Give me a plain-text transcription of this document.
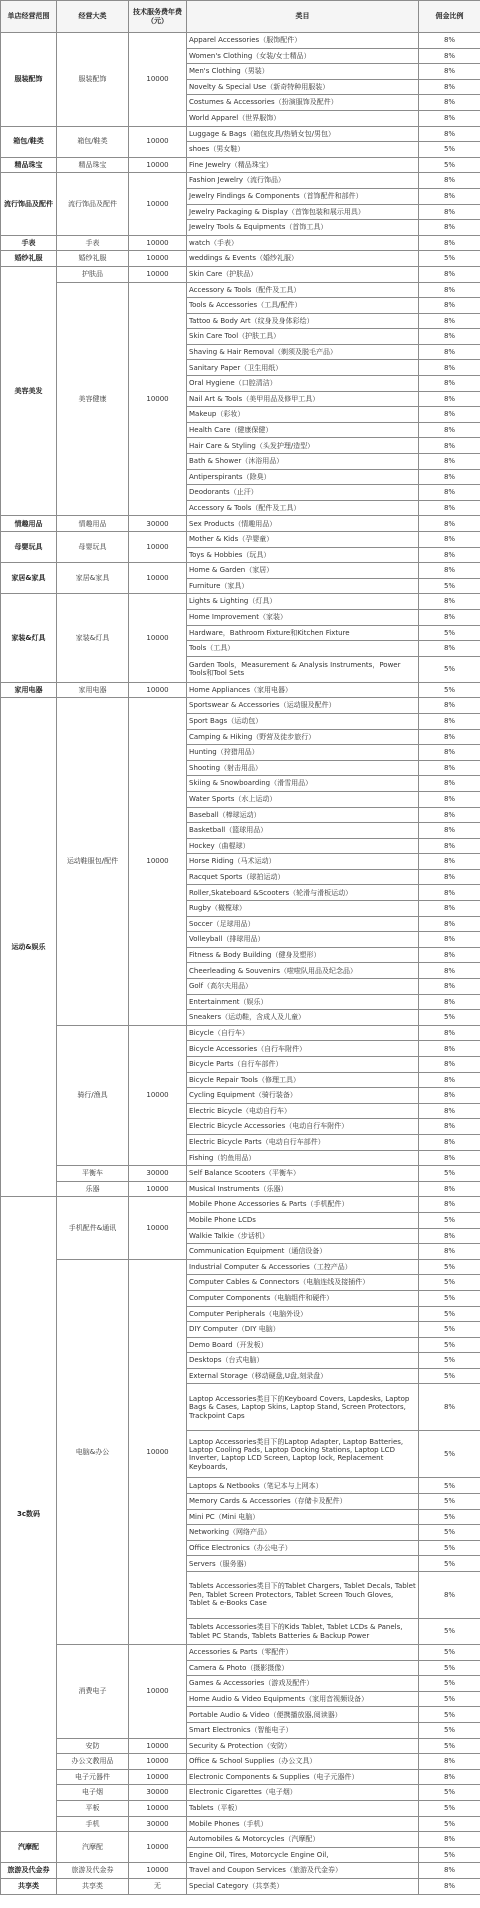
单店经营范围	经营大类	技术服务费年费（元）	类目	佣金比例
服装配饰	服装配饰	10000	Apparel Accessories（服饰配件）	8%
			Women's Clothing（女装/女士精品）	8%
			Men's Clothing（男装）	8%
			Novelty & Special Use（新奇特种用服装）	8%
			Costumes & Accessories（扮演服饰及配件）	8%
			World Apparel（世界服饰）	8%
箱包/鞋类	箱包/鞋类	10000	Luggage & Bags（箱包皮具/热销女包/男包）	8%
			shoes（男女鞋）	5%
精品珠宝	精品珠宝	10000	Fine Jewelry（精品珠宝）	5%
流行饰品及配件	流行饰品及配件	10000	Fashion Jewelry（流行饰品）	8%
			Jewelry Findings & Components（首饰配件和部件）	8%
			Jewelry Packaging & Display（首饰包装和展示用具）	8%
			Jewelry Tools & Equipments（首饰工具）	8%
手表	手表	10000	watch（手表）	8%
婚纱礼服	婚纱礼服	10000	weddings & Events（婚纱礼服）	5%
美容美发	护肤品	10000	Skin Care（护肤品）	8%
	美容健康	10000	Accessory & Tools（配件及工具）	8%
			Tools & Accessories（工具/配件）	8%
			Tattoo & Body Art（纹身及身体彩绘）	8%
			Skin Care Tool（护肤工具）	8%
			Shaving & Hair Removal（剃须及脱毛产品）	8%
			Sanitary Paper（卫生用纸）	8%
			Oral Hygiene（口腔清洁）	8%
			Nail Art & Tools（美甲用品及修甲工具）	8%
			Makeup（彩妆）	8%
			Health Care（健康保健）	8%
			Hair Care & Styling（头发护理/造型）	8%
			Bath & Shower（沐浴用品）	8%
			Antiperspirants（除臭）	8%
			Deodorants（止汗）	8%
			Accessory & Tools（配件及工具）	8%
情趣用品	情趣用品	30000	Sex Products（情趣用品）	8%
母婴玩具	母婴玩具	10000	Mother & Kids（孕婴童）	8%
			Toys & Hobbies（玩具）	8%
家居&家具	家居&家具	10000	Home & Garden（家居）	8%
			Furniture（家具）	5%
家装&灯具	家装&灯具	10000	Lights & Lighting（灯具）	8%
			Home Improvement（家装）	8%
			Hardware，Bathroom Fixture和Kitchen Fixture	5%
			Tools（工具）	8%
			Garden Tools，Measurement & Analysis Instruments，Power Tools和Tool Sets	5%
家用电器	家用电器	10000	Home Appliances（家用电器）	5%
运动&娱乐	运动鞋服包/配件	10000	Sportswear & Accessories（运动服及配件）	8%
			Sport Bags（运动包）	8%
			Camping & Hiking（野营及徒步旅行）	8%
			Hunting（狩猎用品）	8%
			Shooting（射击用品）	8%
			Skiing & Snowboarding（滑雪用品）	8%
			Water Sports（水上运动）	8%
			Baseball（棒球运动）	8%
			Basketball（篮球用品）	8%
			Hockey（曲棍球）	8%
			Horse Riding（马术运动）	8%
			Racquet Sports（球拍运动）	8%
			Roller,Skateboard &Scooters（轮滑与滑板运动）	8%
			Rugby（橄榄球）	8%
			Soccer（足球用品）	8%
			Volleyball（排球用品）	8%
			Fitness & Body Building（健身及塑形）	8%
			Cheerleading & Souvenirs（啦啦队用品及纪念品）	8%
			Golf（高尔夫用品）	8%
			Entertainment（娱乐）	8%
			Sneakers（运动鞋，含成人及儿童）	5%
	骑行/渔具	10000	Bicycle（自行车）	8%
			Bicycle Accessories（自行车附件）	8%
			Bicycle Parts（自行车部件）	8%
			Bicycle Repair Tools（修理工具）	8%
			Cycling Equipment（骑行装备）	8%
			Electric Bicycle（电动自行车）	8%
			Electric Bicycle Accessories（电动自行车附件）	8%
			Electric Bicycle Parts（电动自行车部件）	8%
			Fishing（钓鱼用品）	8%
	平衡车	30000	Self Balance Scooters（平衡车）	5%
	乐器	10000	Musical Instruments（乐器）	8%
3c数码	手机配件&通讯	10000	Mobile Phone Accessories & Parts（手机配件）	8%
			Mobile Phone LCDs	5%
			Walkie Talkie（步话机）	8%
			Communication Equipment（通信设备）	8%
	电脑&办公	10000	Industrial Computer & Accessories（工控产品）	5%
			Computer Cables & Connectors（电脑连线及接插件）	5%
			Computer Components（电脑组件和硬件）	5%
			Computer Peripherals（电脑外设）	5%
			DIY Computer（DIY 电脑）	5%
			Demo Board（开发板）	5%
			Desktops（台式电脑）	5%
			External Storage（移动硬盘,U盘,刻录盘）	5%
			Laptop Accessories类目下的Keyboard Covers, Lapdesks, Laptop Bags & Cases, Laptop Skins, Laptop Stand, Screen Protectors, Trackpoint Caps	8%
			Laptop Accessories类目下的Laptop Adapter, Laptop Batteries, Laptop Cooling Pads, Laptop Docking Stations, Laptop LCD Inverter, Laptop LCD Screen, Laptop lock, Replacement Keyboards,	5%
			Laptops & Netbooks（笔记本与上网本）	5%
			Memory Cards & Accessories（存储卡及配件）	5%
			Mini PC（Mini 电脑）	5%
			Networking（网络产品）	5%
			Office Electronics（办公电子）	5%
			Servers（服务器）	5%
			Tablets Accessories类目下的Tablet Chargers, Tablet Decals, Tablet Pen, Tablet Screen Protectors, Tablet Screen Touch Gloves, Tablet & e-Books Case	8%
			Tablets Accessories类目下的Kids Tablet, Tablet LCDs & Panels, Tablet PC Stands, Tablets Batteries & Backup Power	5%
	消费电子	10000	Accessories & Parts（零配件）	5%
			Camera & Photo（摄影摄像）	5%
			Games & Accessories（游戏及配件）	5%
			Home Audio & Video Equipments（家用音视频设备）	5%
			Portable Audio & Video（便携播放器,阅读器）	5%
			Smart Electronics（智能电子）	5%
	安防	10000	Security & Protection（安防）	5%
	办公文教用品	10000	Office & School Supplies（办公文具）	8%
	电子元器件	10000	Electronic Components & Supplies（电子元器件）	8%
	电子烟	30000	Electronic Cigarettes（电子烟）	5%
	平板	10000	Tablets（平板）	5%
	手机	30000	Mobile Phones（手机）	5%
汽摩配	汽摩配	10000	Automobiles & Motorcycles（汽摩配）	8%
			Engine Oil, Tires, Motorcycle Engine Oil,	5%
旅游及代金券	旅游及代金券	10000	Travel and Coupon Services（旅游及代金券）	8%
共享类	共享类	无	Special Category（共享类）	8%
